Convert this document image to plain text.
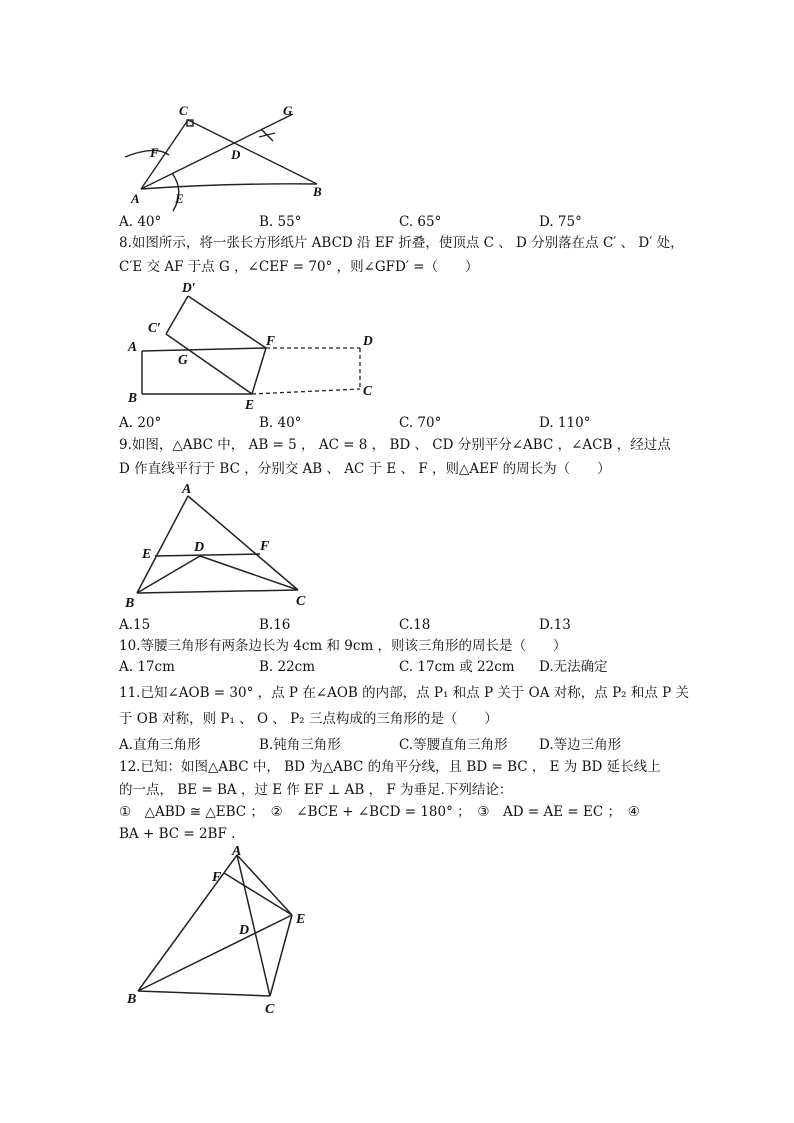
C	G
F	D
A	E	B
A. 40°	B. 55°	C. 65°	D. 75°
8.如图所示，将一张长方形纸片 ABCD 沿 EF 折叠，使顶点 C 、 D 分别落在点 C′ 、 D′ 处，
C′E 交 AF 于点 G ，∠CEF = 70° ，则∠GFD′ =（　　）
D′
C′
A
G
F	D
B	E
C
A. 20°	B. 40°	C. 70°	D. 110°
9.如图，△ABC 中， AB = 5 ， AC = 8 ， BD 、 CD 分别平分∠ABC ，∠ACB ，经过点
D 作直线平行于 BC ，分别交 AB 、 AC 于 E 、 F ，则△AEF 的周长为（　　）
A
E	D	F
B	C
A.15	B.16	C.18	D.13
10.等腰三角形有两条边长为 4cm 和 9cm ，则该三角形的周长是（　　）
A. 17cm	B. 22cm	C. 17cm 或 22cm D.无法确定
11.已知∠AOB = 30° ，点 P 在∠AOB 的内部，点 P₁ 和点 P 关于 OA 对称，点 P₂ 和点 P 关
于 OB 对称，则 P₁ 、 O 、 P₂ 三点构成的三角形的是（　　）
A.直角三角形	B.钝角三角形	C.等腰直角三角形 D.等边三角形
12.已知：如图△ABC 中， BD 为△ABC 的角平分线，且 BD = BC ， E 为 BD 延长线上
的一点， BE = BA ，过 E 作 EF ⊥ AB ， F 为垂足.下列结论：
①　△ABD ≅ △EBC ；　②　∠BCE + ∠BCD = 180° ；　③　AD = AE = EC ；　④
BA + BC = 2BF .
A
F
E
D
B
C
